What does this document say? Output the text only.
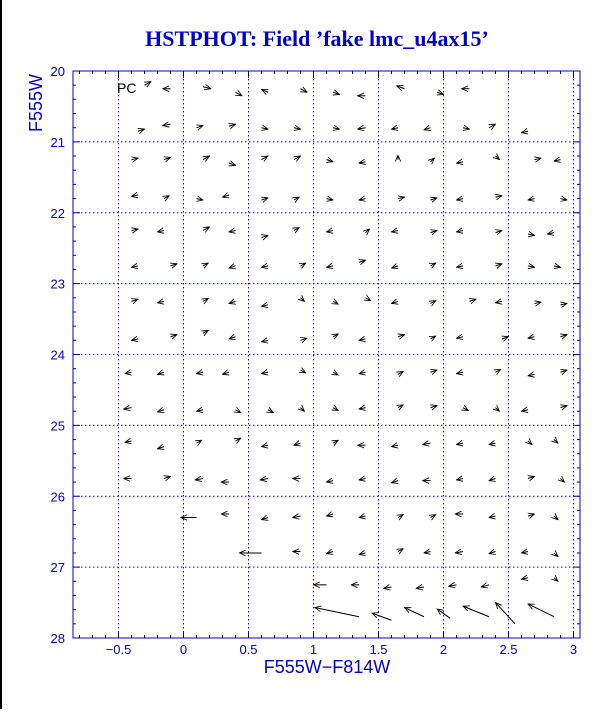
HSTPHOT: Field ’fake lmc_u4ax15’
−0.5	0	0.5	1	1.5	2	2.5	3
20
21
22
23
24
25
26
27
28
F555W−F814W
F555W	PC
